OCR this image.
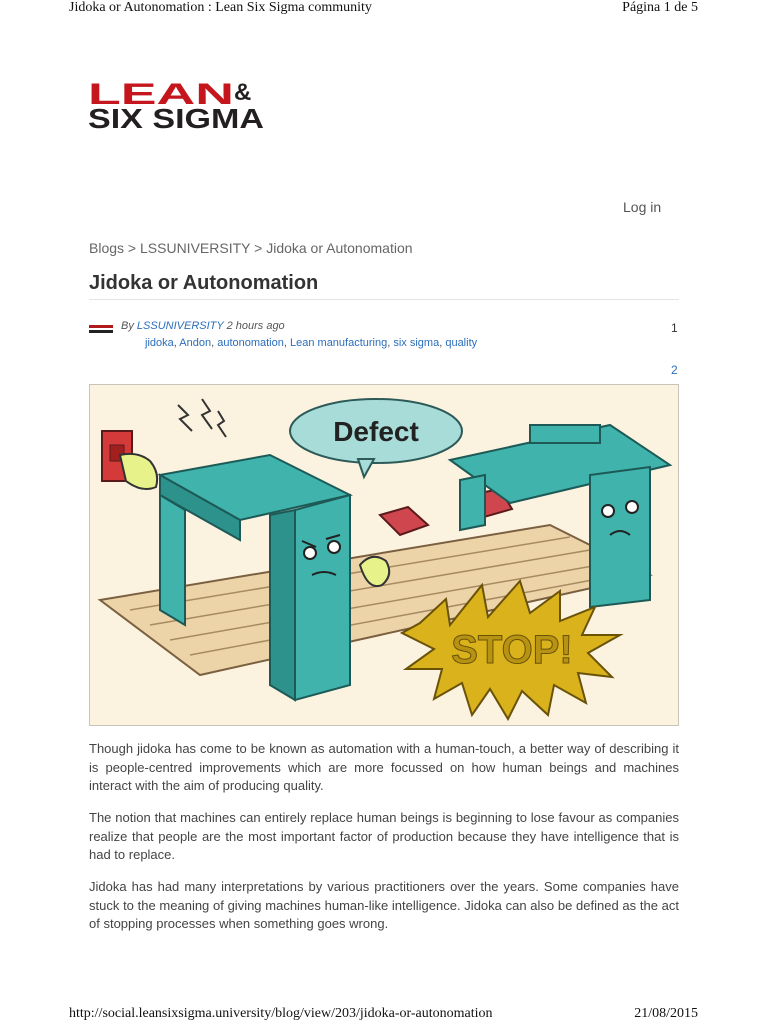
Jidoka or Autonomation : Lean Six Sigma community	Página 1 de 5
LEAN &
SIX SIGMA
Log in
Blogs > LSSUNIVERSITY > Jidoka or Autonomation
Jidoka or Autonomation
By LSSUNIVERSITY 2 hours ago
jidoka, Andon, autonomation, Lean manufacturing, six sigma, quality
1
2
Defect
STOP!

Though jidoka has come to be known as automation with a human-touch, a better way of describing it is people-centred improvements which are more focussed on how human beings and machines interact with the aim of producing quality.

The notion that machines can entirely replace human beings is beginning to lose favour as companies realize that people are the most important factor of production because they have intelligence that is had to replace.

Jidoka has had many interpretations by various practitioners over the years. Some companies have stuck to the meaning of giving machines human-like intelligence. Jidoka can also be defined as the act of stopping processes when something goes wrong.

http://social.leansixsigma.university/blog/view/203/jidoka-or-autonomation	21/08/2015
